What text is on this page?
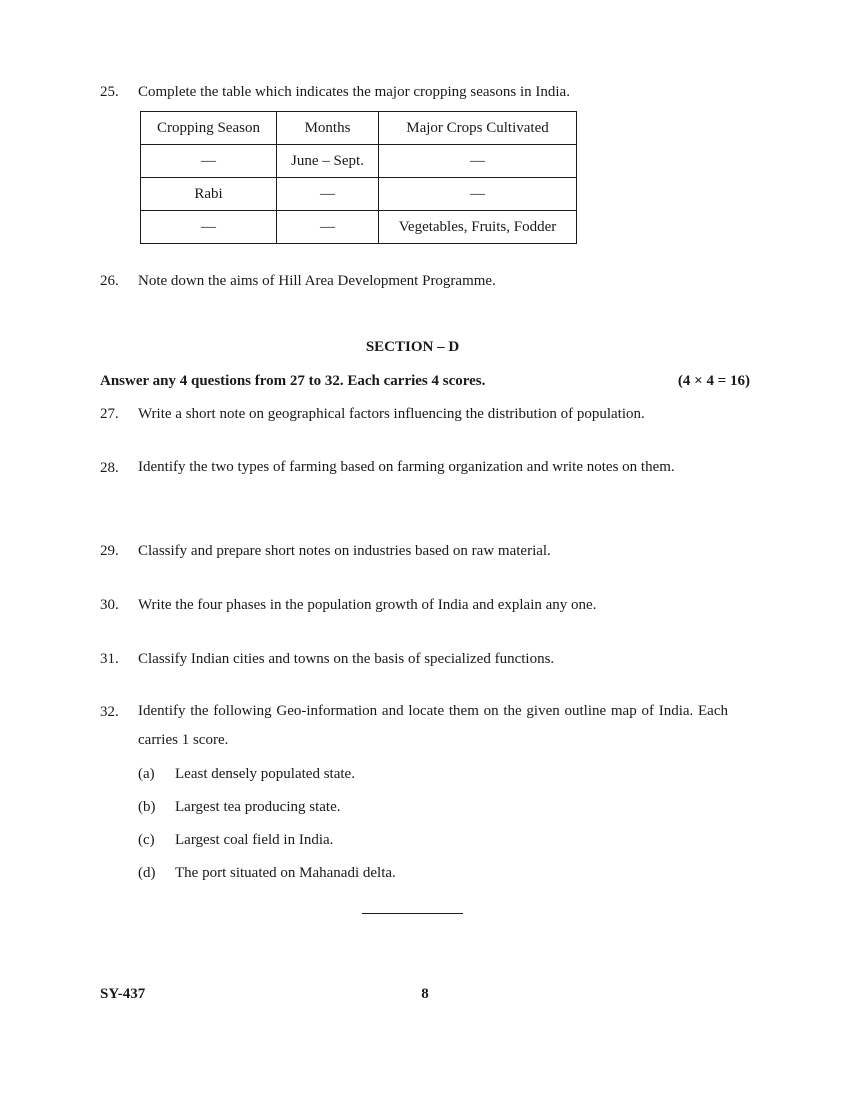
25. Complete the table which indicates the major cropping seasons in India.
Cropping Season	Months	Major Crops Cultivated
—	June – Sept.	—
Rabi	—	—
—	—	Vegetables, Fruits, Fodder
26. Note down the aims of Hill Area Development Programme.
SECTION – D
Answer any 4 questions from 27 to 32. Each carries 4 scores.	(4 × 4 = 16)
27. Write a short note on geographical factors influencing the distribution of population.
28. Identify the two types of farming based on farming organization and write notes on them.
29. Classify and prepare short notes on industries based on raw material.
30. Write the four phases in the population growth of India and explain any one.
31. Classify Indian cities and towns on the basis of specialized functions.
32. Identify the following Geo-information and locate them on the given outline map of India. Each carries 1 score.
(a) Least densely populated state.
(b) Largest tea producing state.
(c) Largest coal field in India.
(d) The port situated on Mahanadi delta.
SY-437	8
